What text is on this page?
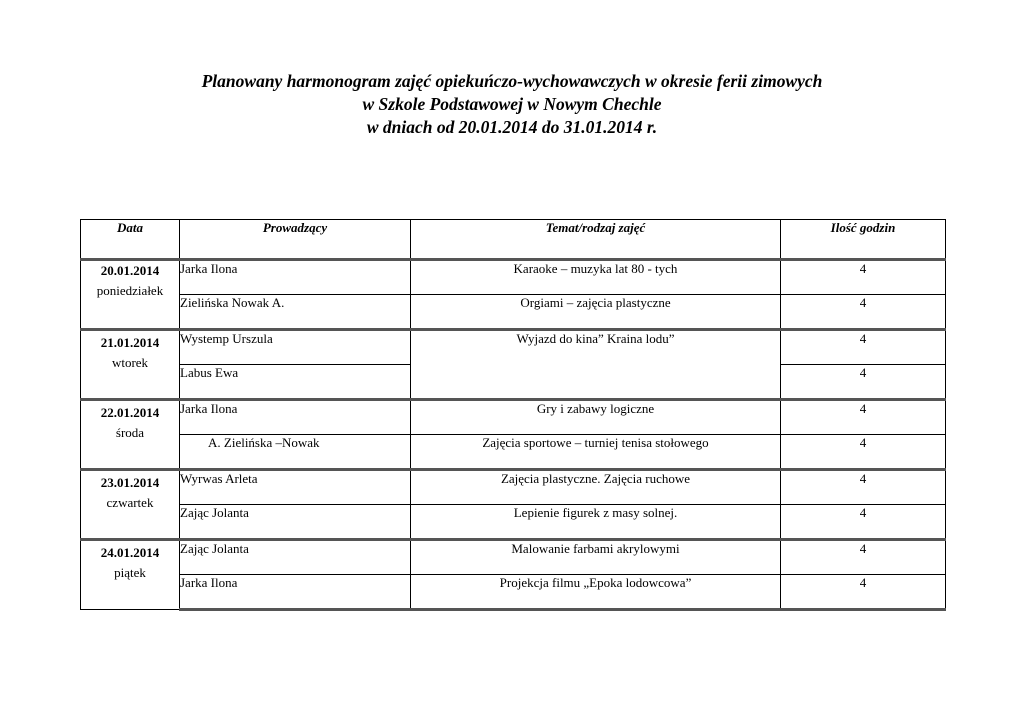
Planowany harmonogram zajęć opiekuńczo-wychowawczych w okresie ferii zimowych
w Szkole Podstawowej w Nowym Chechle
w dniach od 20.01.2014 do 31.01.2014 r.
Data	Prowadzący	Temat/rodzaj zajęć	Ilość godzin

20.01.2014
poniedziałek	Jarka Ilona	Karaoke – muzyka lat 80 - tych	4
	Zielińska Nowak A.	Orgiami – zajęcia plastyczne	4

21.01.2014
wtorek	Wystemp Urszula	Wyjazd do kina” Kraina lodu”	4
	Labus Ewa		4

22.01.2014
środa	Jarka Ilona	Gry i zabawy logiczne	4
	A. Zielińska –Nowak	Zajęcia sportowe – turniej tenisa stołowego	4

23.01.2014
czwartek	Wyrwas Arleta	Zajęcia plastyczne. Zajęcia ruchowe	4
	Zając Jolanta	Lepienie figurek z masy solnej.	4

24.01.2014
piątek	Zając Jolanta	Malowanie farbami akrylowymi	4
	Jarka Ilona	Projekcja filmu „Epoka lodowcowa”	4
